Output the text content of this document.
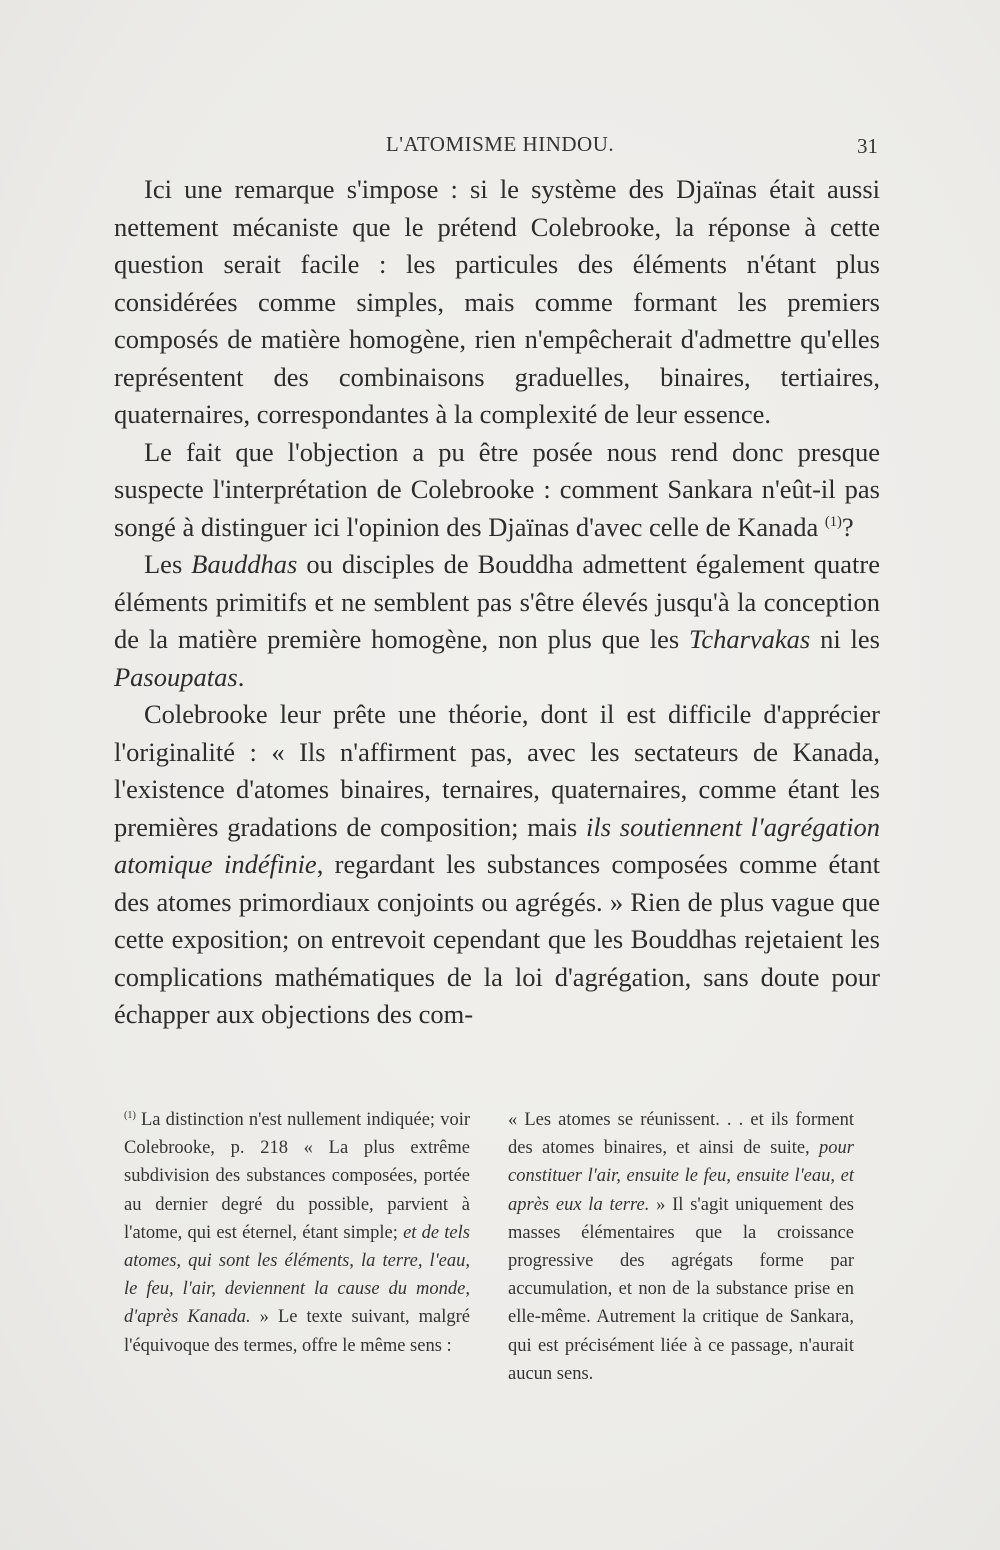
L'ATOMISME HINDOU.	31

Ici une remarque s'impose : si le système des Djaïnas était aussi nettement mécaniste que le prétend Colebrooke, la réponse à cette question serait facile : les particules des éléments n'étant plus considérées comme simples, mais comme formant les premiers composés de matière homogène, rien n'empêcherait d'admettre qu'elles représentent des combinaisons graduelles, binaires, tertiaires, quaternaires, correspondantes à la complexité de leur essence.

Le fait que l'objection a pu être posée nous rend donc presque suspecte l'interprétation de Colebrooke : comment Sankara n'eût-il pas songé à distinguer ici l'opinion des Djaïnas d'avec celle de Kanada $^{(1)}$?

Les Bauddhas ou disciples de Bouddha admettent également quatre éléments primitifs et ne semblent pas s'être élevés jusqu'à la conception de la matière première homogène, non plus que les Tcharvakas ni les Pasoupatas.

Colebrooke leur prête une théorie, dont il est difficile d'apprécier l'originalité : « Ils n'affirment pas, avec les sectateurs de Kanada, l'existence d'atomes binaires, ternaires, quaternaires, comme étant les premières gradations de composition; mais ils soutiennent l'agrégation atomique indéfinie, regardant les substances composées comme étant des atomes primordiaux conjoints ou agrégés. » Rien de plus vague que cette exposition; on entrevoit cependant que les Bouddhas rejetaient les complications mathématiques de la loi d'agrégation, sans doute pour échapper aux objections des com-

$^{(1)}$ La distinction n'est nullement indiquée; voir Colebrooke, p. 218 « La plus extrême subdivision des substances composées, portée au dernier degré du possible, parvient à l'atome, qui est éternel, étant simple; et de tels atomes, qui sont les éléments, la terre, l'eau, le feu, l'air, deviennent la cause du monde, d'après Kanada. » Le texte suivant, malgré l'équivoque des termes, offre le même sens :

« Les atomes se réunissent. . . et ils forment des atomes binaires, et ainsi de suite, pour constituer l'air, ensuite le feu, ensuite l'eau, et après eux la terre. » Il s'agit uniquement des masses élémentaires que la croissance progressive des agrégats forme par accumulation, et non de la substance prise en elle-même. Autrement la critique de Sankara, qui est précisément liée à ce passage, n'aurait aucun sens.
